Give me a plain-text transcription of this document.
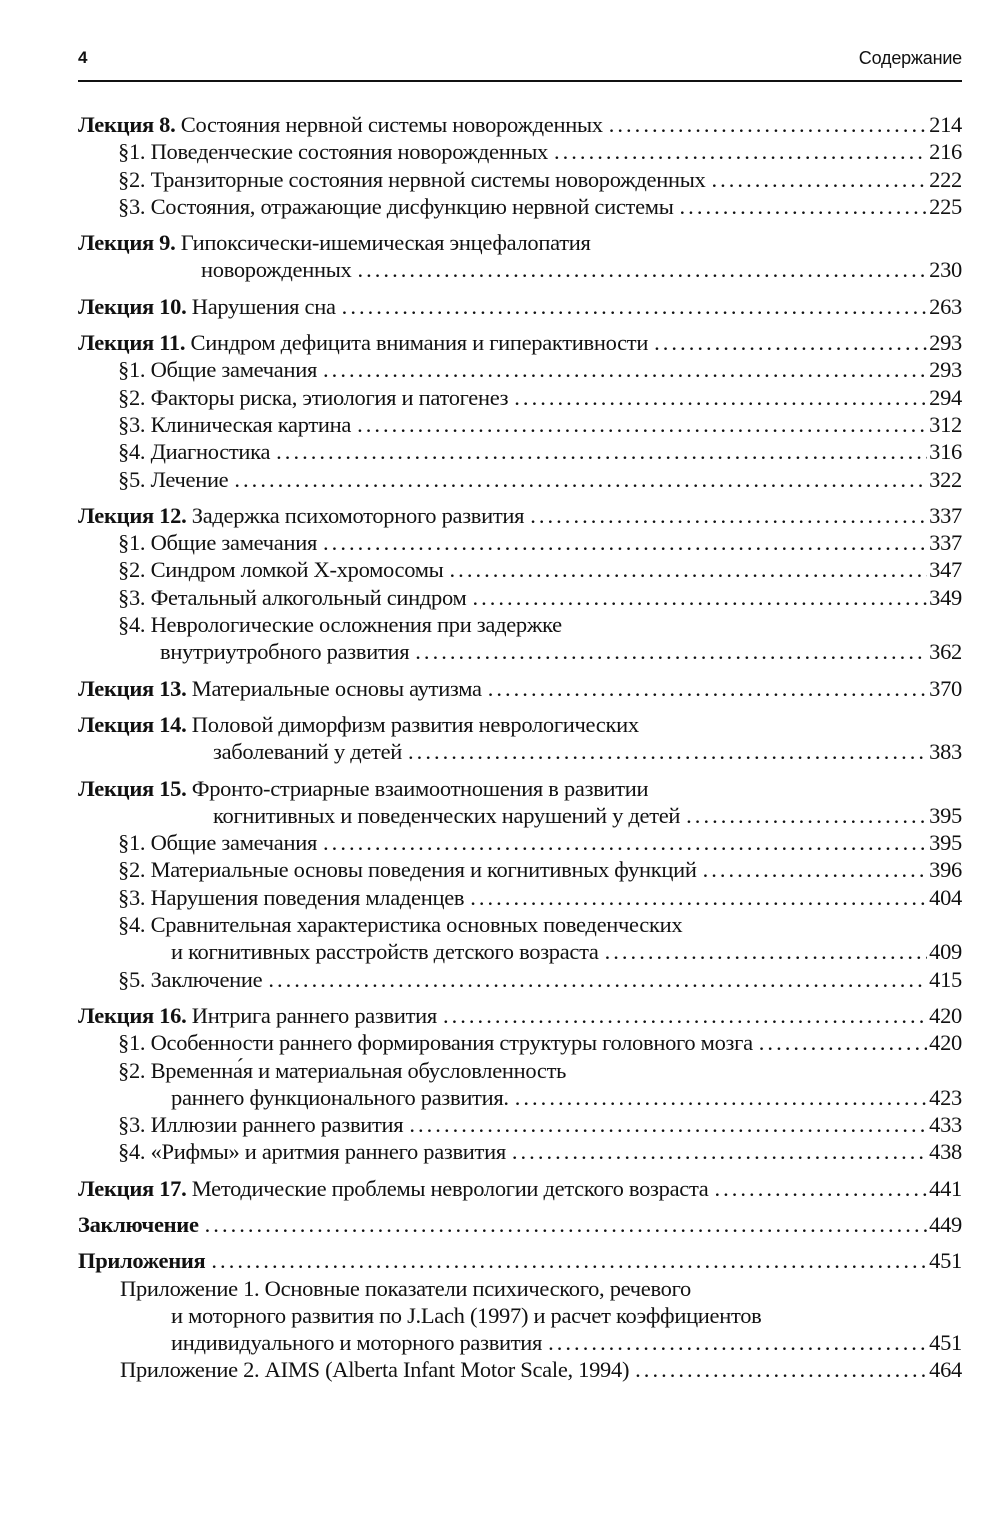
4	Содержание
Лекция 8. Состояния нервной системы новорожденных . . .	214
§1. Поведенческие состояния новорожденных . . .	216
§2. Транзиторные состояния нервной системы новорожденных . . .	222
§3. Состояния, отражающие дисфункцию нервной системы . . .	225
Лекция 9. Гипоксически-ишемическая энцефалопатия
новорожденных . . .	230
Лекция 10. Нарушения сна . . .	263
Лекция 11. Синдром дефицита внимания и гиперактивности . . .	293
§1. Общие замечания . . .	293
§2. Факторы риска, этиология и патогенез . . .	294
§3. Клиническая картина . . .	312
§4. Диагностика . . .	316
§5. Лечение . . .	322
Лекция 12. Задержка психомоторного развития . . .	337
§1. Общие замечания . . .	337
§2. Синдром ломкой Х-хромосомы . . .	347
§3. Фетальный алкогольный синдром . . .	349
§4. Неврологические осложнения при задержке
внутриутробного развития . . .	362
Лекция 13. Материальные основы аутизма . . .	370
Лекция 14. Половой диморфизм развития неврологических
заболеваний у детей . . .	383
Лекция 15. Фронто-стриарные взаимоотношения в развитии
когнитивных и поведенческих нарушений у детей . . .	395
§1. Общие замечания . . .	395
§2. Материальные основы поведения и когнитивных функций . . .	396
§3. Нарушения поведения младенцев . . .	404
§4. Сравнительная характеристика основных поведенческих
и когнитивных расстройств детского возраста . . .	409
§5. Заключение . . .	415
Лекция 16. Интрига раннего развития . . .	420
§1. Особенности раннего формирования структуры головного мозга . . .	420
§2. Временна́я и материальная обусловленность
раннего функционального развития. . . .	423
§3. Иллюзии раннего развития . . .	433
§4. «Рифмы» и аритмия раннего развития . . .	438
Лекция 17. Методические проблемы неврологии детского возраста . . .	441
Заключение . . .	449
Приложения . . .	451
Приложение 1. Основные показатели психического, речевого
и моторного развития по J.Lach (1997) и расчет коэффициентов
индивидуального и моторного развития . . .	451
Приложение 2. AIMS (Alberta Infant Motor Scale, 1994) . . .	464
